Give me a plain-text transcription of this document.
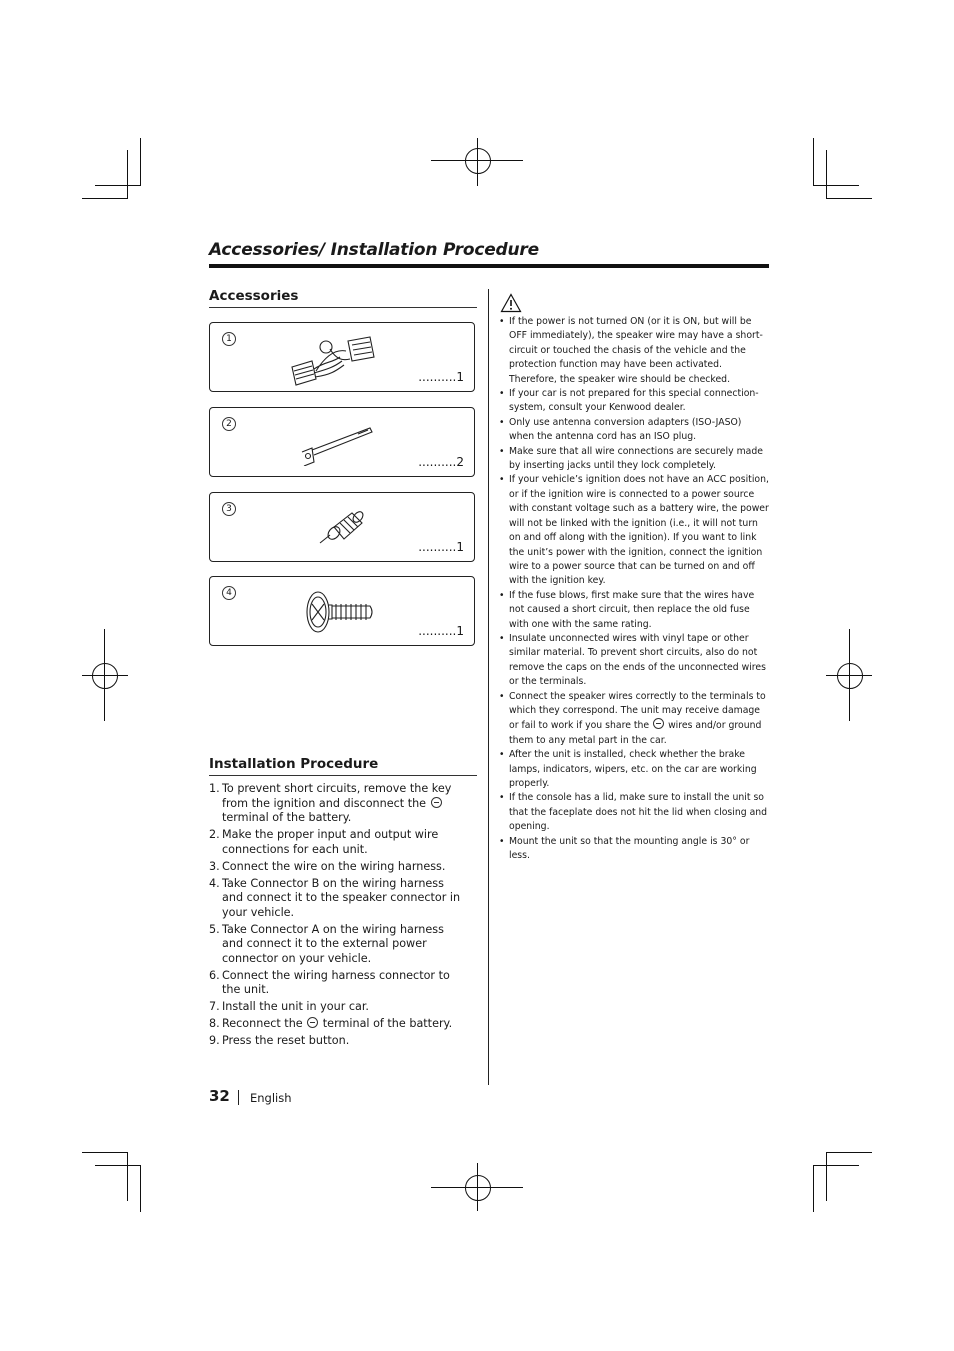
Accessories/ Installation Procedure
Accessories
1
..........1
2
..........2
3
..........1
4
..........1
Installation Procedure
1. To prevent short circuits, remove the key from the ignition and disconnect the  terminal of the battery.
2. Make the proper input and output wire connections for each unit.
3. Connect the wire on the wiring harness.
4. Take Connector B on the wiring harness and connect it to the speaker connector in your vehicle.
5. Take Connector A on the wiring harness and connect it to the external power connector on your vehicle.
6. Connect the wiring harness connector to the unit.
7. Install the unit in your car.
8. Reconnect the terminal of the battery.
9. Press the reset button.
• If the power is not turned ON (or it is ON, but will be OFF immediately), the speaker wire may have a short-circuit or touched the chasis of the vehicle and the protection function may have been activated. Therefore, the speaker wire should be checked.
• If your car is not prepared for this special connection-system, consult your Kenwood dealer.
• Only use antenna conversion adapters (ISO-JASO) when the antenna cord has an ISO plug.
• Make sure that all wire connections are securely made by inserting jacks until they lock completely.
• If your vehicle’s ignition does not have an ACC position, or if the ignition wire is connected to a power source with constant voltage such as a battery wire, the power will not be linked with the ignition (i.e., it will not turn on and off along with the ignition). If you want to link the unit’s power with the ignition, connect the ignition wire to a power source that can be turned on and off with the ignition key.
• If the fuse blows, first make sure that the wires have not caused a short circuit, then replace the old fuse with one with the same rating.
• Insulate unconnected wires with vinyl tape or other similar material. To prevent short circuits, also do not remove the caps on the ends of the unconnected wires or the terminals.
• Connect the speaker wires correctly to the terminals to which they correspond. The unit may receive damage or fail to work if you share the wires and/or ground them to any metal part in the car.
• After the unit is installed, check whether the brake lamps, indicators, wipers, etc. on the car are working properly.
• If the console has a lid, make sure to install the unit so that the faceplate does not hit the lid when closing and opening.
• Mount the unit so that the mounting angle is 30° or less.
32 English
